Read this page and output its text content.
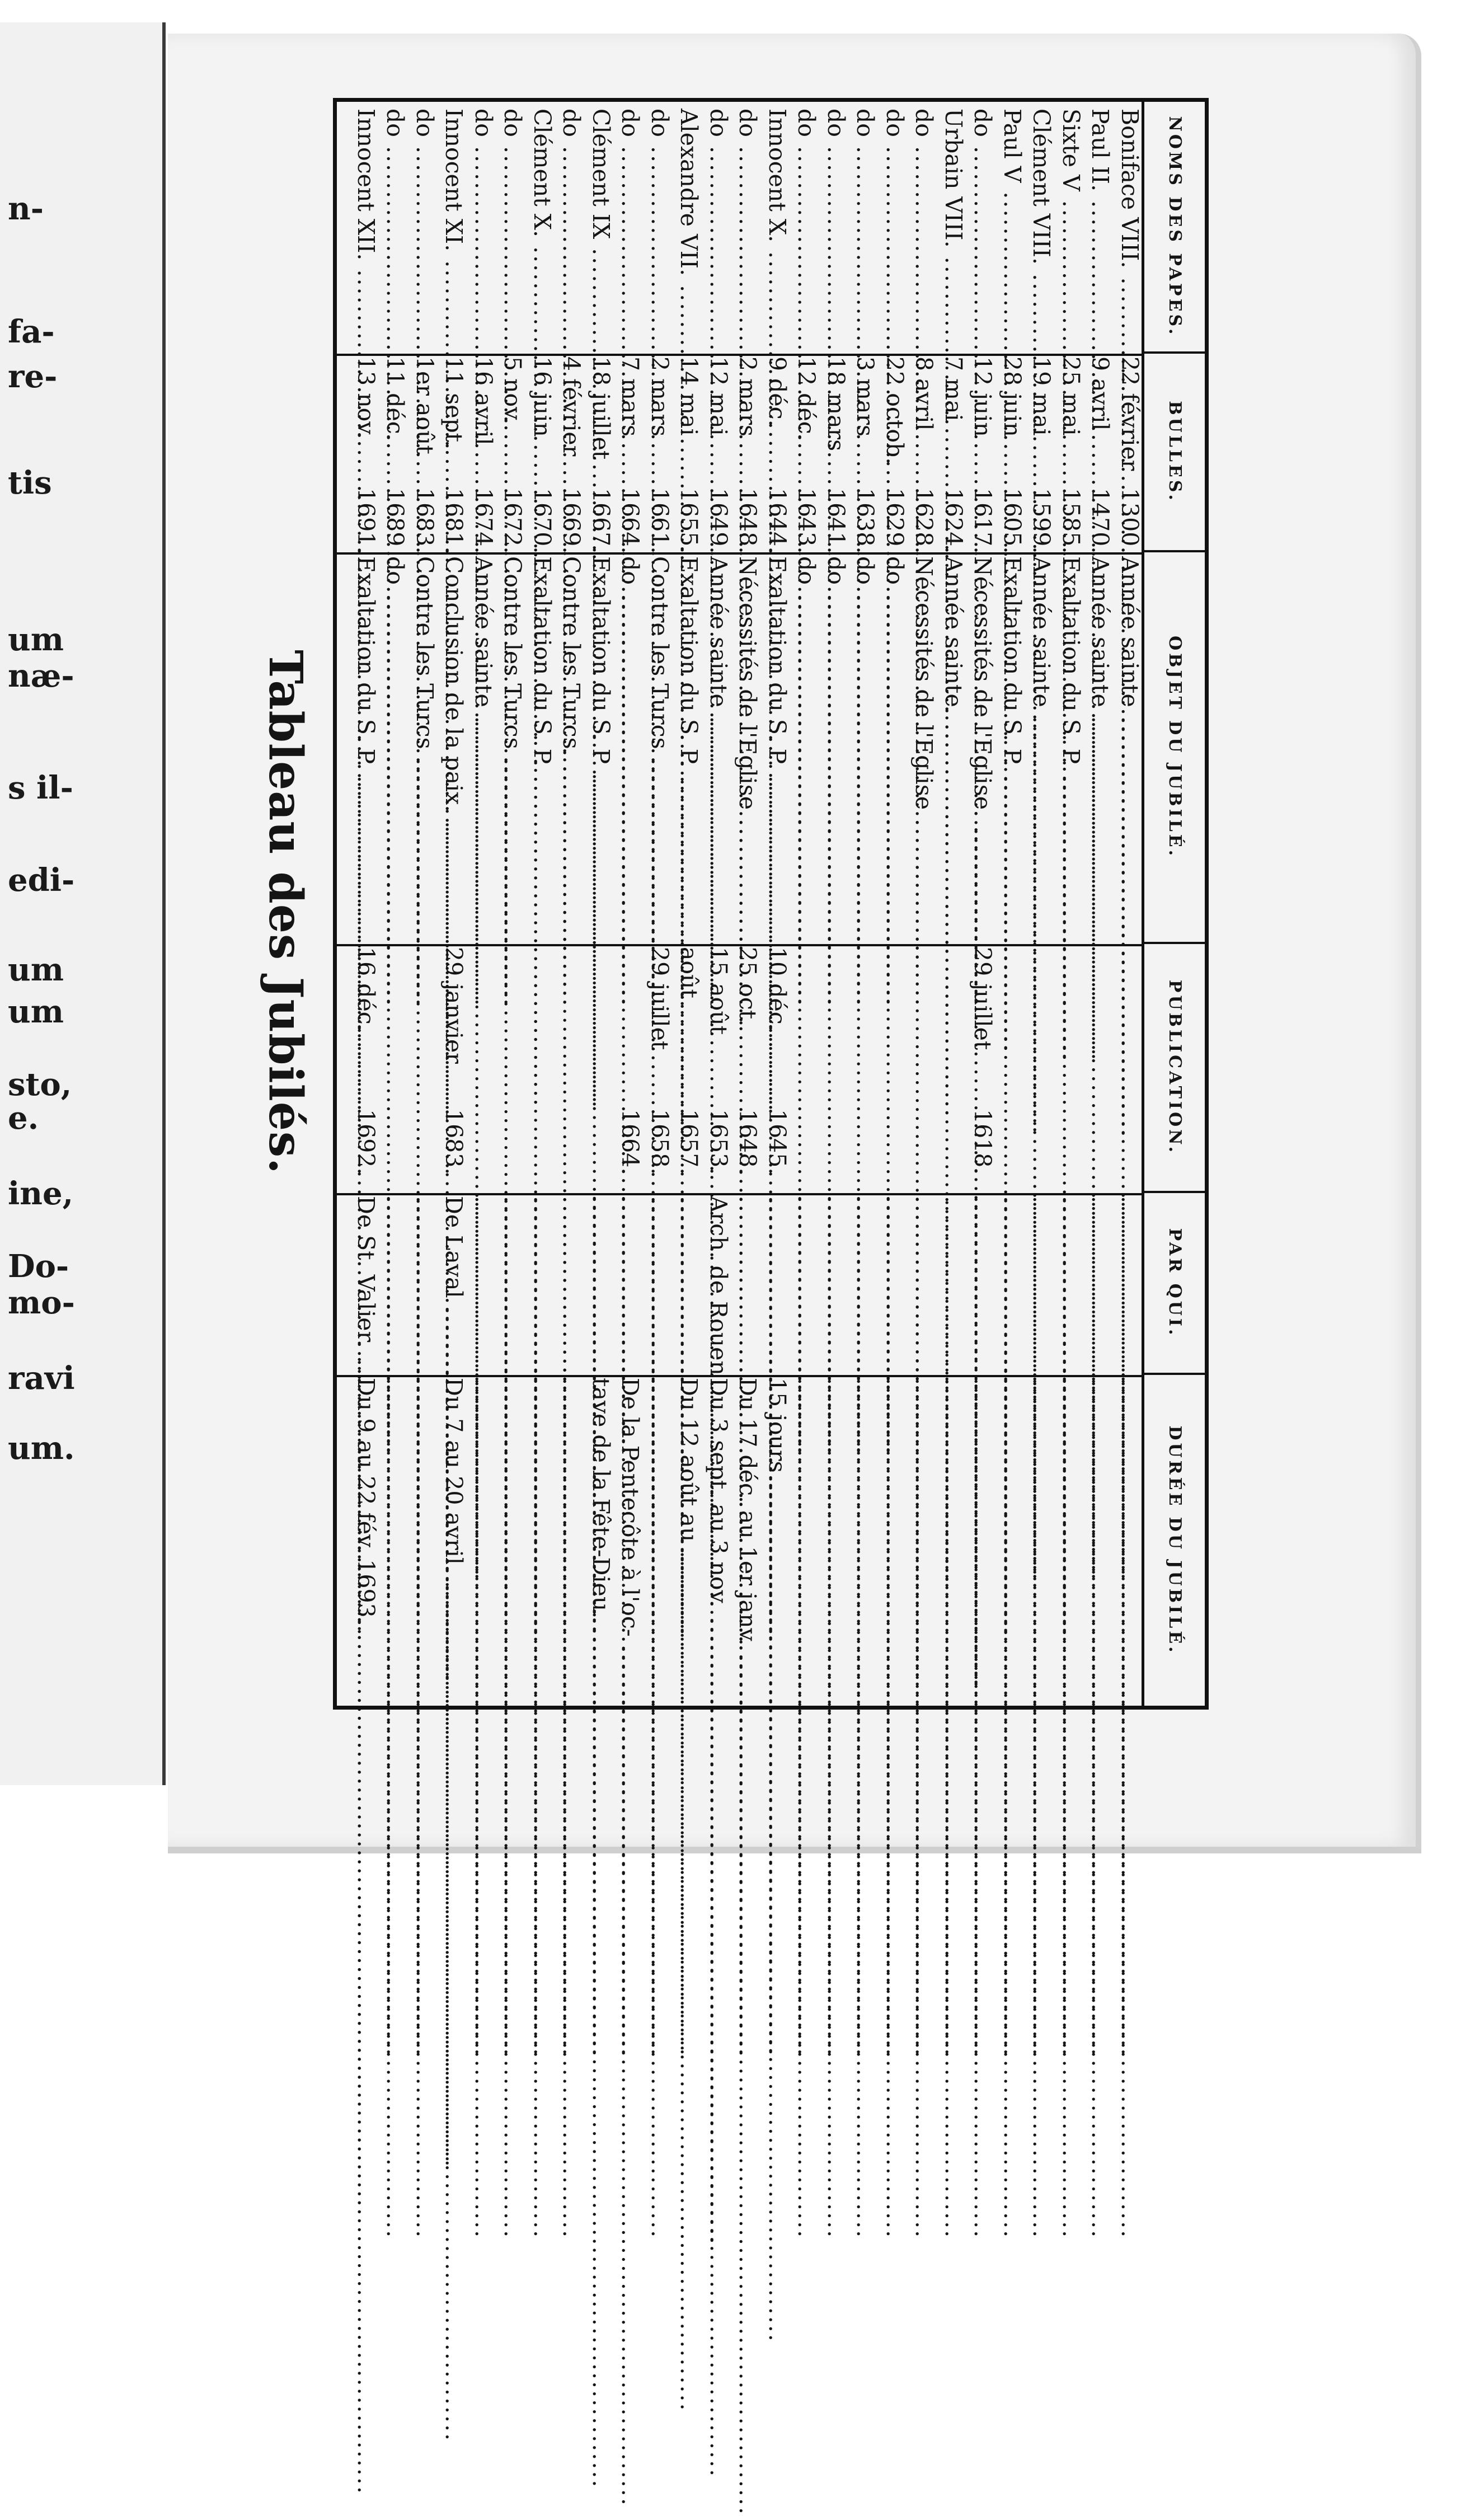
n-
fa-
re-
tis
um
næ-
s il-
edi-
um
um
sto,
e.
ine,
Do-
mo-
ravi
um.
Tableau des Jubilés.
NOMS DES PAPES.
BULLES.
OBJET DU JUBILÉ.
PUBLICATION.
PAR QUI.
DURÉE DU JUBILÉ.
Boniface VIII. .....
22 février
1300.
Année sainte .....
.....
.....
Paul II. .....
9 avril
1470.
Année sainte .....
.....
.....
Sixte V .....
25 mai
1585.
Exaltation du S. P. .....
.....
.....
Clément VIII. .....
19 mai
1599.
Année sainte .....
.....
.....
Paul V .....
28 juin
1605.
Exaltation du S. P. .....
.....
.....
do .....
12 juin
1617.
Nécessités de l'Eglise. .....
29 juillet
1618.
.....
.....
Urbain VIII. .....
7 mai
1624.
Année sainte. .....
.....
.....
do .....
8 avril
1628.
Nécessités de l'Eglise .....
.....
.....
do .....
22 octob.
1629
do .....
.....
.....
do .....
3 mars
1638.
do .....
.....
.....
do .....
18 mars
1641.
do .....
.....
.....
do .....
12 déc.
1643.
do .....
.....
.....
Innocent X. .....
9 déc.
1644.
Exaltation du S. P. .....
10 déc.
1645.
.....
15 jours .....
do .....
2 mars
1648.
Nécessités de l'Eglise .....
25 oct.
1648.
.....
Du 17 déc. au 1er janv. .....
do .....
12 mai
1649.
Année sainte .....
15 août
1653.
Arch. de Rouen .....
Du 3 sept. au 3 nov. .....
Alexandre VII. .....
14 mai
1655.
Exaltation du S. P. .....
août
1657.
.....
Du 12 août au .....
do .....
2 mars
1661.
Contre les Turcs .....
29 juillet
1658.
.....
.....
do .....
7 mars
1664.
do .....
1664.
.....
De la Pentecôte à l'oc- .....
Clément IX .....
18 juillet
1667.
Exaltation du S. P .....
.....
tave de la Fête-Dieu. .....
do .....
4 février
1669.
Contre les Turcs. .....
.....
.....
Clément X. .....
16 juin
1670.
Exaltation du S. P. .....
.....
.....
do .....
5 nov.
1672.
Contre les Turcs .....
.....
.....
do .....
16 avril
1674.
Année sainte .....
.....
.....
Innocent XI. .....
11 sept.
1681.
Conclusion de la paix. .....
29 janvier
1683.
De Laval .....
Du 7 au 20 avril. .....
do .....
1er août
1683.
Contre les Turcs .....
.....
.....
do .....
11 déc.
1689
do .....
.....
.....
Innocent XII. .....
13 nov.
1691.
Exaltation du S. P. .....
16 déc.
1692.
De St. Valier. .....
Du 9 au 22 fév. 1693. .....
